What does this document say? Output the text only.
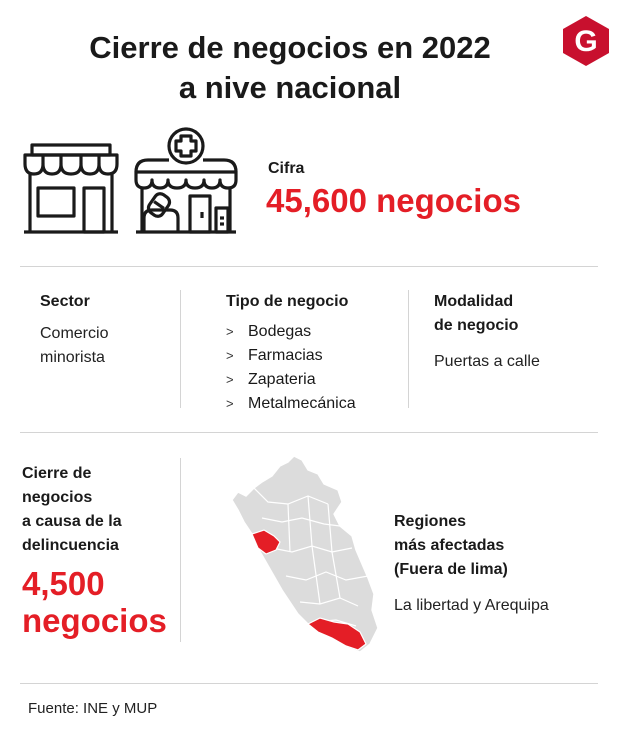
Cierre de negocios en 2022
a nive nacional
G
Cifra
45,600 negocios
Sector
Comercio minorista
Tipo de negocio
> Bodegas
> Farmacias
> Zapateria
> Metalmecánica
Modalidad
de negocio
Puertas a calle
Cierre de
negocios
a causa de la
delincuencia
4,500
negocios
Regiones
más afectadas
(Fuera de lima)
La libertad y Arequipa
Fuente: INE y MUP
